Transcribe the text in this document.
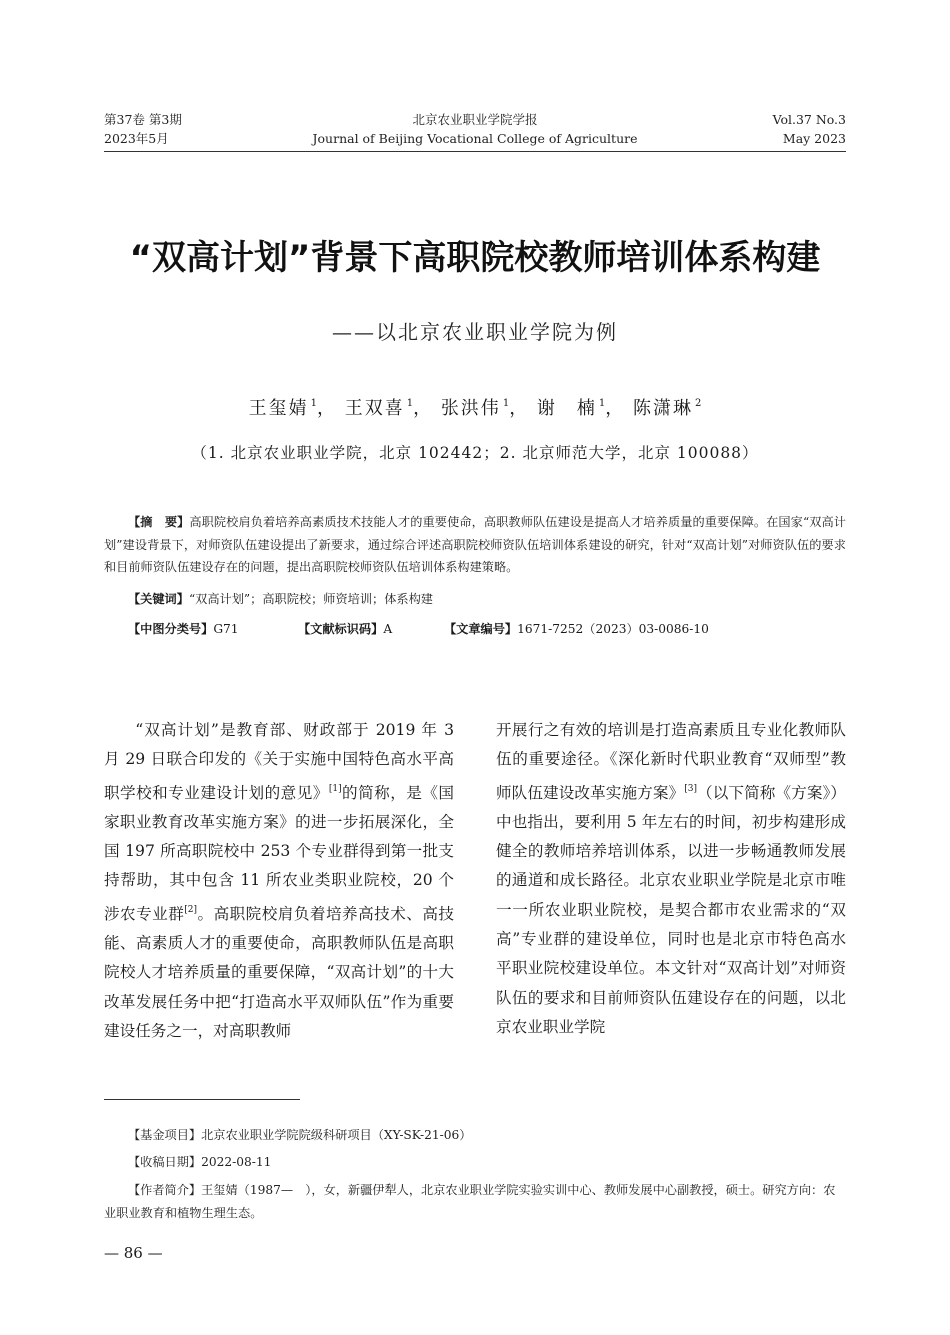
第37卷 第3期
2023年5月
北京农业职业学院学报
Journal of Beijing Vocational College of Agriculture
Vol.37 No.3
May 2023
“双高计划”背景下高职院校教师培训体系构建
——以北京农业职业学院为例
王玺婧 $^1$， 王双喜 $^1$， 张洪伟 $^1$， 谢　楠 $^1$， 陈潇琳 $^2$
（1. 北京农业职业学院，北京 102442；2. 北京师范大学，北京 100088）
【摘　要】高职院校肩负着培养高素质技术技能人才的重要使命，高职教师队伍建设是提高人才培养质量的重要保障。在国家“双高计划”建设背景下，对师资队伍建设提出了新要求，通过综合评述高职院校师资队伍培训体系建设的研究，针对“双高计划”对师资队伍的要求和目前师资队伍建设存在的问题，提出高职院校师资队伍培训体系构建策略。
【关键词】“双高计划”；高职院校；师资培训；体系构建
【中图分类号】G71	【文献标识码】A	【文章编号】1671-7252（2023）03-0086-10

“双高计划”是教育部、财政部于 2019 年 3 月 29 日联合印发的《关于实施中国特色高水平高职学校和专业建设计划的意见》[1]的简称，是《国家职业教育改革实施方案》的进一步拓展深化，全国 197 所高职院校中 253 个专业群得到第一批支持帮助，其中包含 11 所农业类职业院校，20 个涉农专业群[2]。高职院校肩负着培养高技术、高技能、高素质人才的重要使命，高职教师队伍是高职院校人才培养质量的重要保障，“双高计划”的十大改革发展任务中把“打造高水平双师队伍”作为重要建设任务之一，对高职教师

开展行之有效的培训是打造高素质且专业化教师队伍的重要途径。《深化新时代职业教育“双师型”教师队伍建设改革实施方案》[3]（以下简称《方案》）中也指出，要利用 5 年左右的时间，初步构建形成健全的教师培养培训体系，以进一步畅通教师发展的通道和成长路径。北京农业职业学院是北京市唯一一所农业职业院校，是契合都市农业需求的“双高”专业群的建设单位，同时也是北京市特色高水平职业院校建设单位。本文针对“双高计划”对师资队伍的要求和目前师资队伍建设存在的问题，以北京农业职业学院

【基金项目】北京农业职业学院院级科研项目（XY-SK-21-06）
【收稿日期】2022-08-11
【作者简介】王玺婧（1987—　），女，新疆伊犁人，北京农业职业学院实验实训中心、教师发展中心副教授，硕士。研究方向：农业职业教育和植物生理生态。
— 86 —
